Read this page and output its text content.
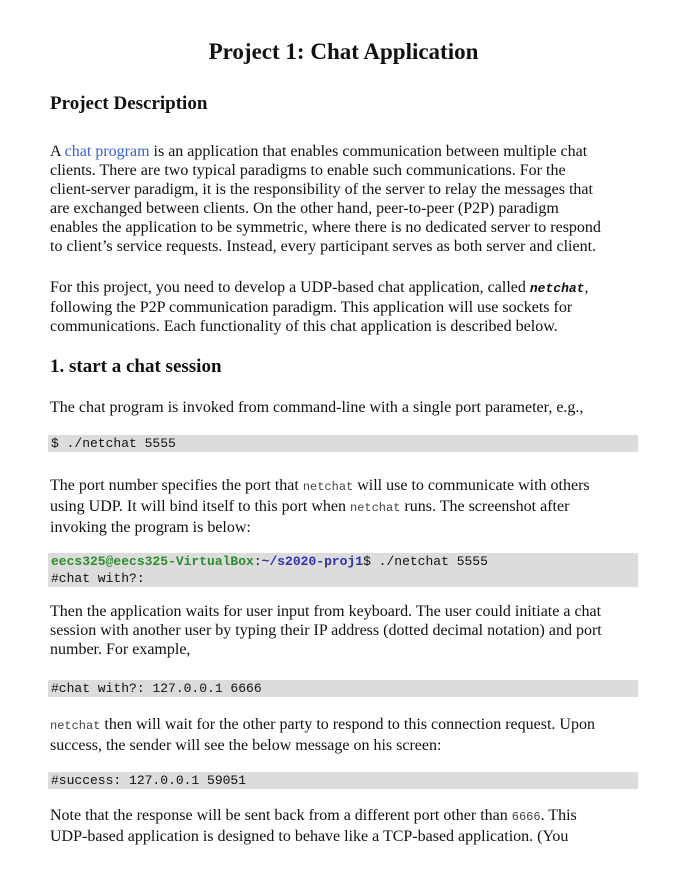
Project 1: Chat Application
Project Description

A chat program is an application that enables communication between multiple chat
clients. There are two typical paradigms to enable such communications. For the
client-server paradigm, it is the responsibility of the server to relay the messages that
are exchanged between clients. On the other hand, peer-to-peer (P2P) paradigm
enables the application to be symmetric, where there is no dedicated server to respond
to client’s service requests. Instead, every participant serves as both server and client.

For this project, you need to develop a UDP-based chat application, called netchat,
following the P2P communication paradigm. This application will use sockets for
communications. Each functionality of this chat application is described below.

1. start a chat session

The chat program is invoked from command-line with a single port parameter, e.g.,

$ ./netchat 5555

The port number specifies the port that netchat will use to communicate with others
using UDP. It will bind itself to this port when netchat runs. The screenshot after
invoking the program is below:

eecs325@eecs325-VirtualBox:~/s2020-proj1$ ./netchat 5555
#chat with?:

Then the application waits for user input from keyboard. The user could initiate a chat
session with another user by typing their IP address (dotted decimal notation) and port
number. For example,

#chat with?: 127.0.0.1 6666

netchat then will wait for the other party to respond to this connection request. Upon
success, the sender will see the below message on his screen:

#success: 127.0.0.1 59051

Note that the response will be sent back from a different port other than 6666. This
UDP-based application is designed to behave like a TCP-based application. (You
